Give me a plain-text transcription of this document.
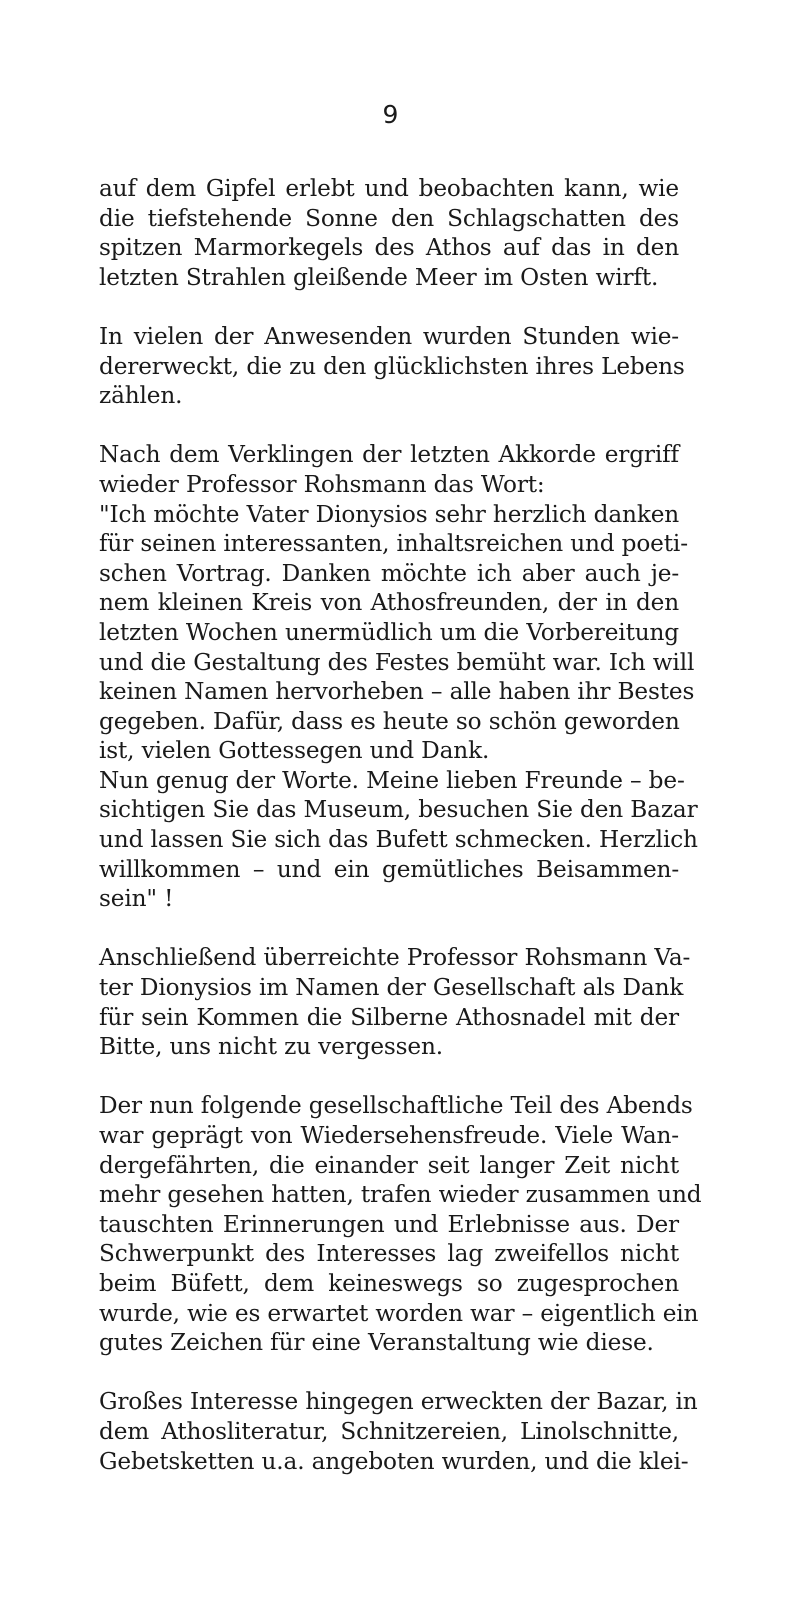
9
auf dem Gipfel erlebt und beobachten kann, wie
die tiefstehende Sonne den Schlagschatten des
spitzen Marmorkegels des Athos auf das in den
letzten Strahlen gleißende Meer im Osten wirft.
In vielen der Anwesenden wurden Stunden wie-
dererweckt, die zu den glücklichsten ihres Lebens
zählen.
Nach dem Verklingen der letzten Akkorde ergriff
wieder Professor Rohsmann das Wort:
"Ich möchte Vater Dionysios sehr herzlich danken
für seinen interessanten, inhaltsreichen und poeti-
schen Vortrag. Danken möchte ich aber auch je-
nem kleinen Kreis von Athosfreunden, der in den
letzten Wochen unermüdlich um die Vorbereitung
und die Gestaltung des Festes bemüht war. Ich will
keinen Namen hervorheben – alle haben ihr Bestes
gegeben. Dafür, dass es heute so schön geworden
ist, vielen Gottessegen und Dank.
Nun genug der Worte. Meine lieben Freunde – be-
sichtigen Sie das Museum, besuchen Sie den Bazar
und lassen Sie sich das Bufett schmecken. Herzlich
willkommen – und ein gemütliches Beisammen-
sein" !
Anschließend überreichte Professor Rohsmann Va-
ter Dionysios im Namen der Gesellschaft als Dank
für sein Kommen die Silberne Athosnadel mit der
Bitte, uns nicht zu vergessen.
Der nun folgende gesellschaftliche Teil des Abends
war geprägt von Wiedersehensfreude. Viele Wan-
dergefährten, die einander seit langer Zeit nicht
mehr gesehen hatten, trafen wieder zusammen und
tauschten Erinnerungen und Erlebnisse aus. Der
Schwerpunkt des Interesses lag zweifellos nicht
beim Büfett, dem keineswegs so zugesprochen
wurde, wie es erwartet worden war – eigentlich ein
gutes Zeichen für eine Veranstaltung wie diese.
Großes Interesse hingegen erweckten der Bazar, in
dem Athosliteratur, Schnitzereien, Linolschnitte,
Gebetsketten u.a. angeboten wurden, und die klei-
